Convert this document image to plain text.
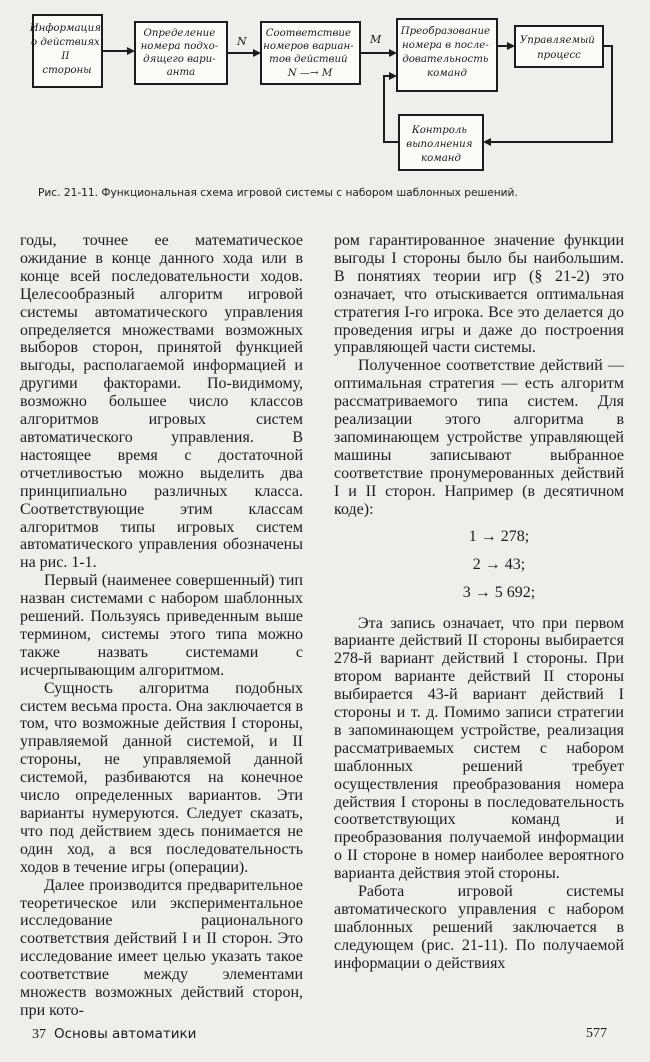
N	M
Информация о действиях II стороны
Определение номера подхо- дящего вари- анта
Соответствие номеров вариан- тов действий N —→ M
Преобразование номера в после- довательность команд
Управляемый процесс
Контроль выполнения команд
Рис. 21-11. Функциональная схема игровой системы с набором шаблонных решений.

годы, точнее ее математическое ожидание в конце данного хода или в конце всей последовательности ходов. Целесообразный алгоритм игровой системы автоматического управления определяется множествами возможных выборов сторон, принятой функцией выгоды, располагаемой информацией и другими факторами. По-видимому, возможно большее число классов алгоритмов игровых систем автоматического управления. В настоящее время с достаточной отчетливостью можно выделить два принципиально различных класса. Соответствующие этим классам алгоритмов типы игровых систем автоматического управления обозначены на рис. 1-1.

Первый (наименее совершенный) тип назван системами с набором шаблонных решений. Пользуясь приведенным выше термином, системы этого типа можно также назвать системами с исчерпывающим алгоритмом.

Сущность алгоритма подобных систем весьма проста. Она заключается в том, что возможные действия I стороны, управляемой данной системой, и II стороны, не управляемой данной системой, разбиваются на конечное число определенных вариантов. Эти варианты нумеруются. Следует сказать, что под действием здесь понимается не один ход, а вся последовательность ходов в течение игры (операции).

Далее производится предварительное теоретическое или экспериментальное исследование рационального соответствия действий I и II сторон. Это исследование имеет целью указать такое соответствие между элементами множеств возможных действий сторон, при кото-

ром гарантированное значение функции выгоды I стороны было бы наибольшим. В понятиях теории игр (§ 21-2) это означает, что отыскивается оптимальная стратегия I-го игрока. Все это делается до проведения игры и даже до построения управляющей части системы.

Полученное соответствие действий — оптимальная стратегия — есть алгоритм рассматриваемого типа систем. Для реализации этого алгоритма в запоминающем устройстве управляющей машины записывают выбранное соответствие пронумерованных действий I и II сторон. Например (в десятичном коде):

1 → 278;
2 → 43;
3 → 5 692;

Эта запись означает, что при первом варианте действий II стороны выбирается 278-й вариант действий I стороны. При втором варианте действий II стороны выбирается 43-й вариант действий I стороны и т. д. Помимо записи стратегии в запоминающем устройстве, реализация рассматриваемых систем с набором шаблонных решений требует осуществления преобразования номера действия I стороны в последовательность соответствующих команд и преобразования получаемой информации о II стороне в номер наиболее вероятного варианта действия этой стороны.

Работа игровой системы автоматического управления с набором шаблонных решений заключается в следующем (рис. 21-11). По получаемой информации о действиях

37 Основы автоматики	577
